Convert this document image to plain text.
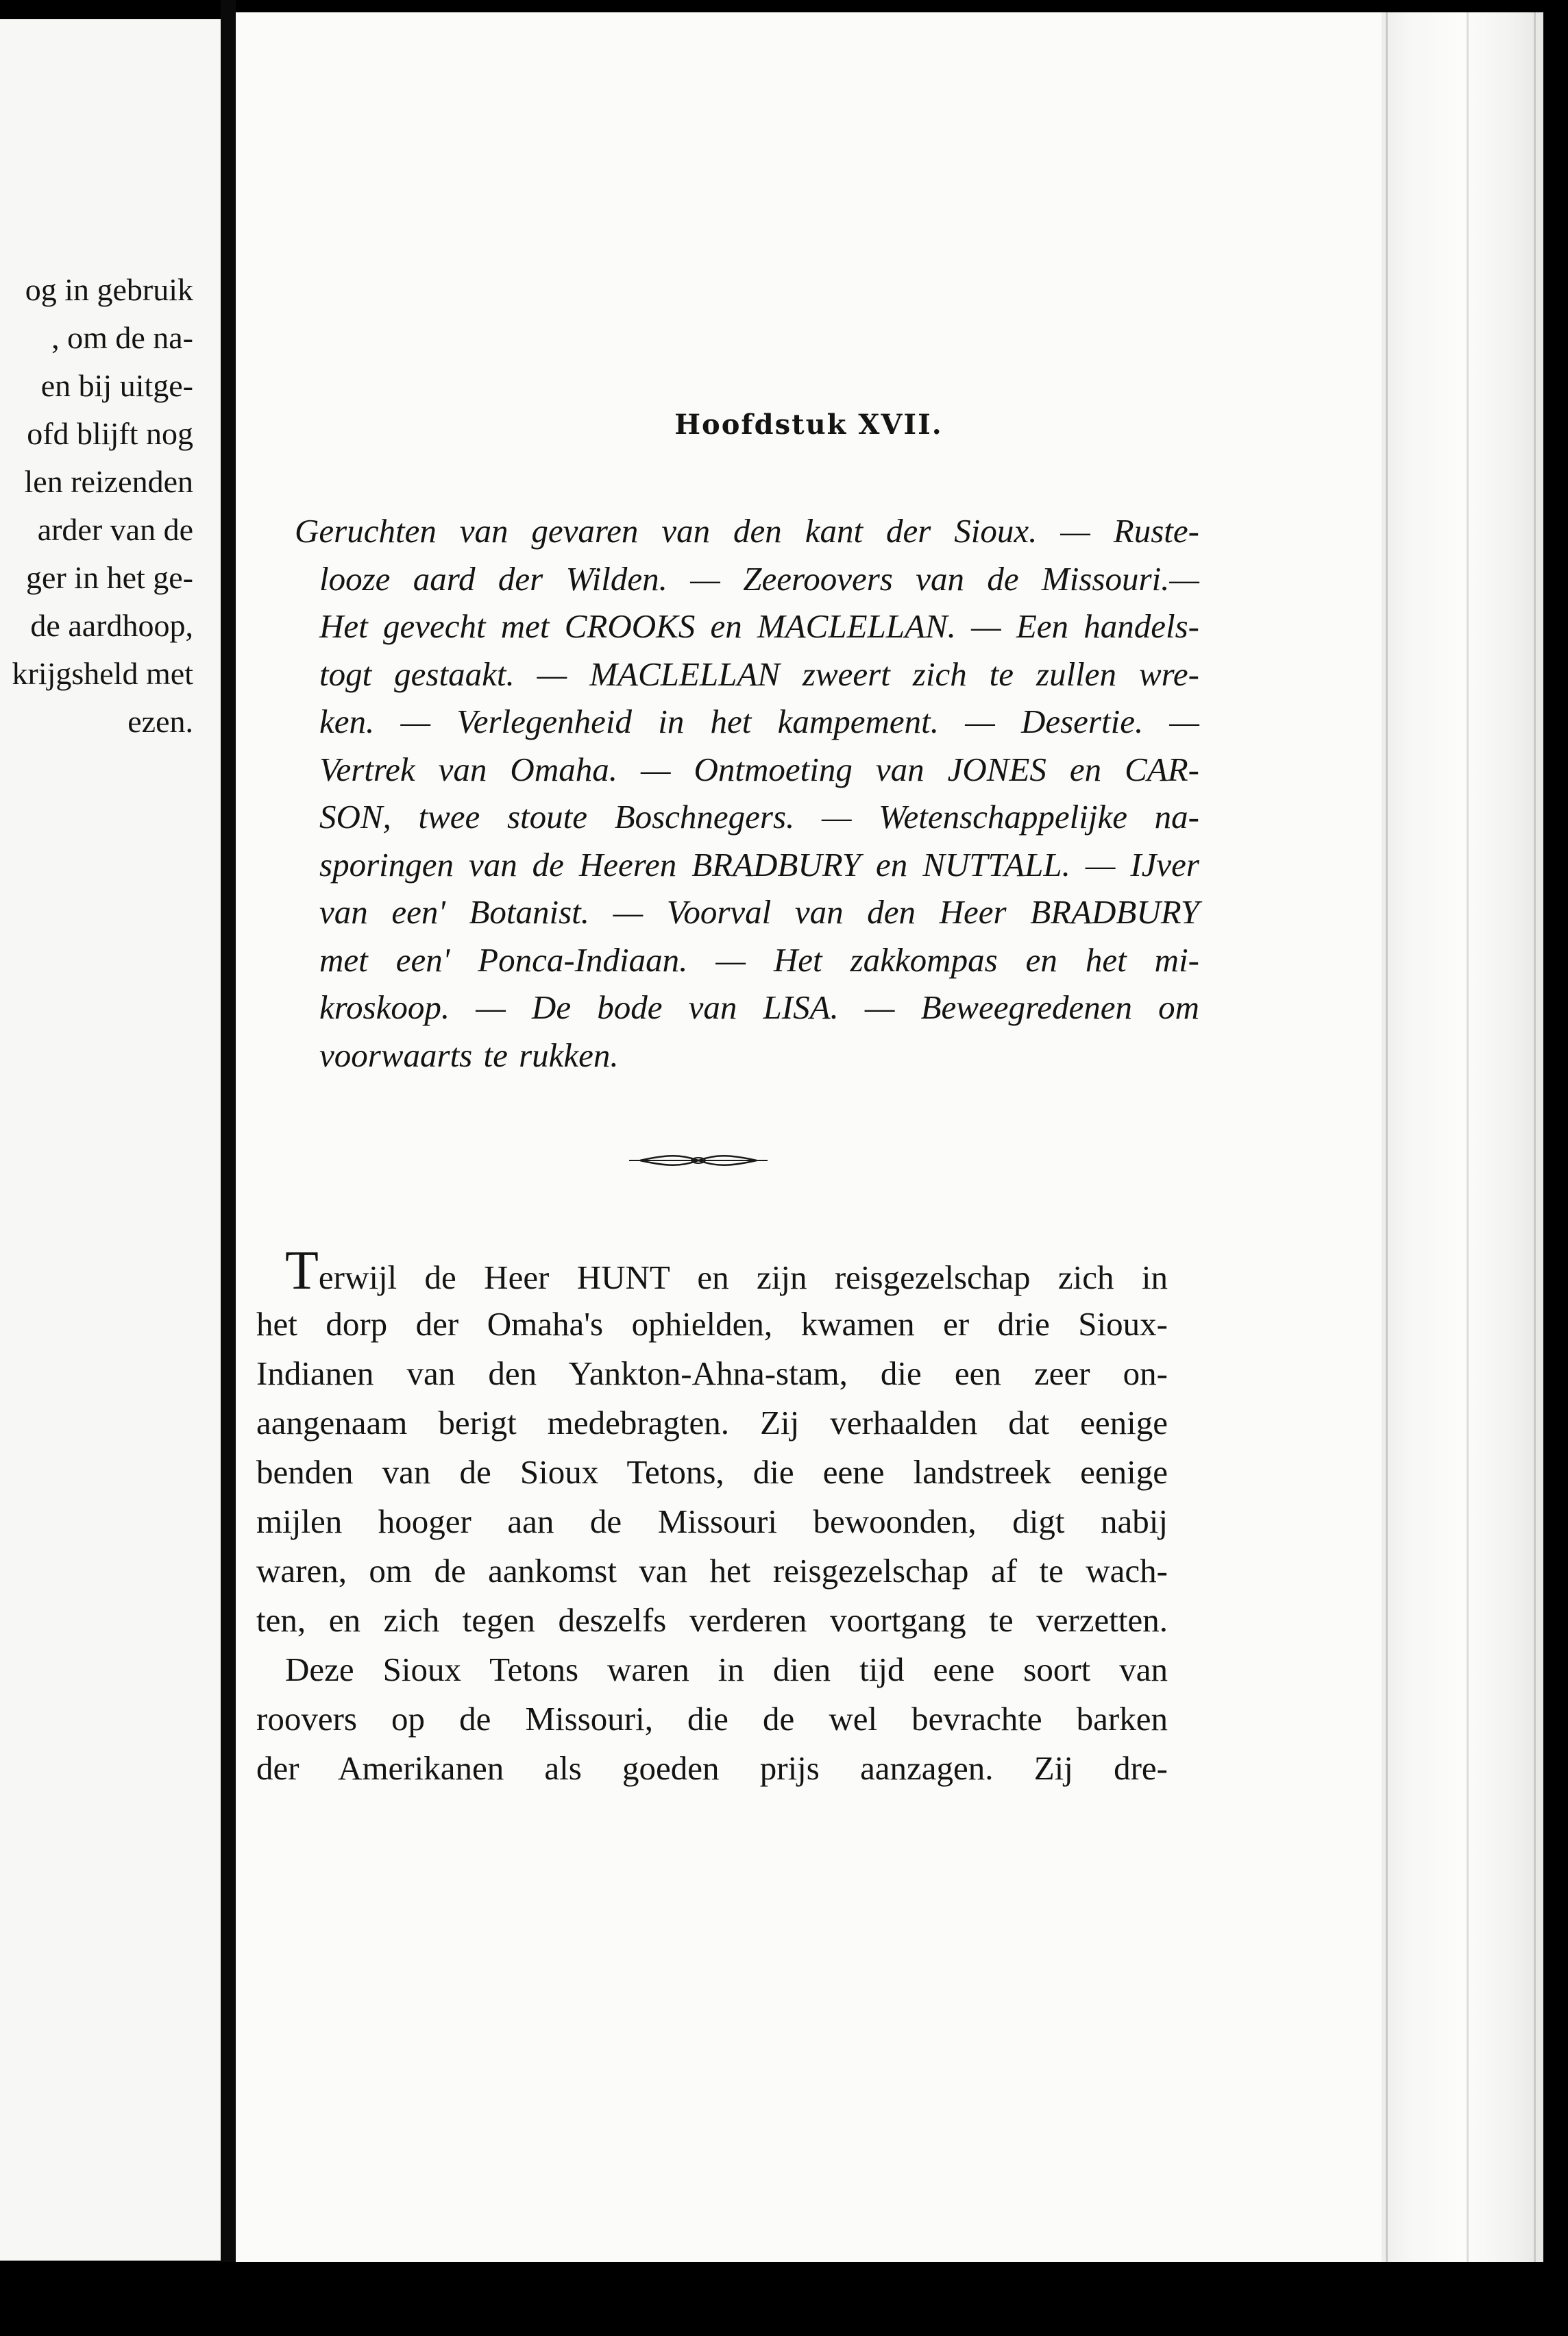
og in gebruik
, om de na-
en bij uitge-
ofd blijft nog
len reizenden
arder van de
ger in het ge-
de aardhoop,
krijgsheld met
ezen.
Hoofdstuk XVII.
Geruchten van gevaren van den kant der Sioux. — Ruste-
looze aard der Wilden. — Zeeroovers van de Missouri.—
Het gevecht met CROOKS en MACLELLAN. — Een handels-
togt gestaakt. — MACLELLAN zweert zich te zullen wre-
ken. — Verlegenheid in het kampement. — Desertie. —
Vertrek van Omaha. — Ontmoeting van JONES en CAR-
SON, twee stoute Boschnegers. — Wetenschappelijke na-
sporingen van de Heeren BRADBURY en NUTTALL. — IJver
van een' Botanist. — Voorval van den Heer BRADBURY
met een' Ponca-Indiaan. — Het zakkompas en het mi-
kroskoop. — De bode van LISA. — Beweegredenen om
voorwaarts te rukken.
Terwijl de Heer HUNT en zijn reisgezelschap zich in
het dorp der Omaha's ophielden, kwamen er drie Sioux-
Indianen van den Yankton-Ahna-stam, die een zeer on-
aangenaam berigt medebragten. Zij verhaalden dat eenige
benden van de Sioux Tetons, die eene landstreek eenige
mijlen hooger aan de Missouri bewoonden, digt nabij
waren, om de aankomst van het reisgezelschap af te wach-
ten, en zich tegen deszelfs verderen voortgang te verzetten.
Deze Sioux Tetons waren in dien tijd eene soort van
roovers op de Missouri, die de wel bevrachte barken
der Amerikanen als goeden prijs aanzagen. Zij dre-
